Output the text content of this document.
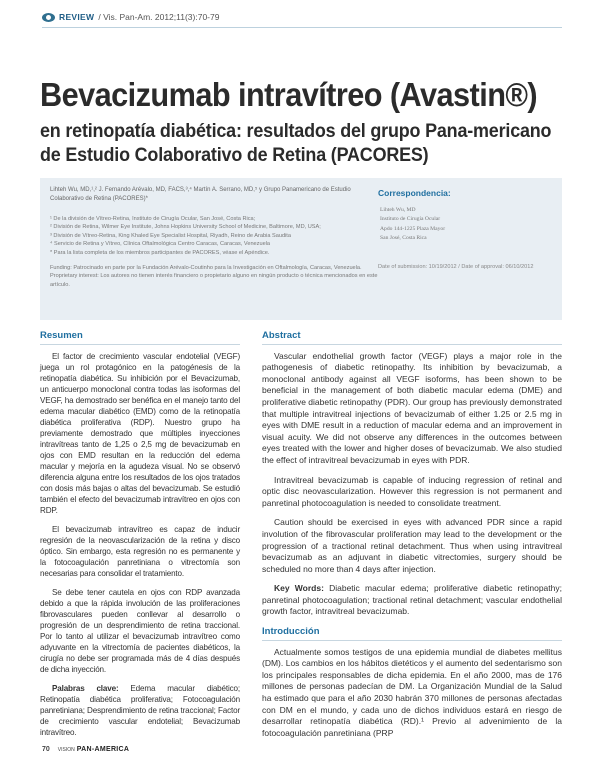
REVIEW / Vis. Pan-Am. 2012;11(3):70-79
Bevacizumab intravítreo (Avastin®)
en retinopatía diabética: resultados del grupo Pana-mericano de Estudio Colaborativo de Retina (PACORES)
Lihteh Wu, MD,¹,² J. Fernando Arévalo, MD, FACS,³,⁴ Martín A. Serrano, MD,⁵ y Grupo Panamericano de Estudio Colaborativo de Retina (PACORES)*
¹ De la división de Vítreo-Retina, Instituto de Cirugía Ocular, San José, Costa Rica;
² División de Retina, Wilmer Eye Institute, Johns Hopkins University School of Medicine, Baltimore, MD, USA;
³ División de Vítreo-Retina, King Khaled Eye Specialist Hospital, Riyadh, Reino de Arabia Saudita
⁴ Servicio de Retina y Vítreo, Clínica Oftalmológica Centro Caracas, Caracas, Venezuela
* Para la lista completa de los miembros participantes de PACORES, véase el Apéndice.
Funding: Patrocinado en parte por la Fundación Arévalo-Coutinho para la Investigación en Oftalmología, Caracas, Venezuela.
Proprietary interest: Los autores no tienen interés financiero o propietario alguno en ningún producto o técnica mencionados en este artículo.
Correspondencia:
Lihteh Wu, MD
Instituto de Cirugía Ocular
Apdo 144-1225 Plaza Mayor
San José, Costa Rica
Date of submission: 10/19/2012 / Date of approval: 06/10/2012
Resumen

El factor de crecimiento vascular endotelial (VEGF) juega un rol protagónico en la patogénesis de la retinopatía diabética. Su inhibición por el Bevacizumab, un anticuerpo monoclonal contra todas las isoformas del VEGF, ha demostrado ser benéfica en el manejo tanto del edema macular diabético (EMD) como de la retinopatía diabética proliferativa (RDP). Nuestro grupo ha previamente demostrado que múltiples inyecciones intravítreas tanto de 1,25 o 2,5 mg de bevacizumab en ojos con EMD resultan en la reducción del edema macular y mejoría en la agudeza visual. No se observó diferencia alguna entre los resultados de los ojos tratados con dosis más bajas o altas del bevacizumab. Se estudió también el efecto del bevacizumab intravítreo en ojos con RDP.

El bevacizumab intravítreo es capaz de inducir regresión de la neovascularización de la retina y disco óptico. Sin embargo, esta regresión no es permanente y la fotocoagulación panretiniana o vitrectomía son necesarias para consolidar el tratamiento.

Se debe tener cautela en ojos con RDP avanzada debido a que la rápida involución de las proliferaciones fibrovasculares pueden conllevar al desarrollo o progresión de un desprendimiento de retina traccional. Por lo tanto al utilizar el bevacizumab intravítreo como adyuvante en la vitrectomía de pacientes diabéticos, la cirugía no debe ser programada más de 4 días después de dicha inyección.

Palabras clave: Edema macular diabético; Retinopatía diabética proliferativa; Fotocoagulación panretiniana; Desprendimiento de retina traccional; Factor de crecimiento vascular endotelial; Bevacizumab intravítreo.

Abstract

Vascular endothelial growth factor (VEGF) plays a major role in the pathogenesis of diabetic retinopathy. Its inhibition by bevacizumab, a monoclonal antibody against all VEGF isoforms, has been shown to be beneficial in the management of both diabetic macular edema (DME) and proliferative diabetic retinopathy (PDR). Our group has previously demonstrated that multiple intravitreal injections of bevacizumab of either 1.25 or 2.5 mg in eyes with DME result in a reduction of macular edema and an improvement in visual acuity. We did not observe any differences in the outcomes between eyes treated with the lower and higher doses of bevacizumab. We also studied the effect of intravitreal bevacizumab in eyes with PDR.

Intravitreal bevacizumab is capable of inducing regression of retinal and optic disc neovascularization. However this regression is not permanent and panretinal photocoagulation is needed to consolidate treatment.

Caution should be exercised in eyes with advanced PDR since a rapid involution of the fibrovascular proliferation may lead to the development or the progression of a tractional retinal detachment. Thus when using intravitreal bevacizumab as an adjuvant in diabetic vitrectomies, surgery should be scheduled no more than 4 days after injection.

Key Words: Diabetic macular edema; proliferative diabetic retinopathy; panretinal photocoagulation; tractional retinal detachment; vascular endothelial growth factor, intravitreal bevacizumab.

Introducción

Actualmente somos testigos de una epidemia mundial de diabetes mellitus (DM). Los cambios en los hábitos dietéticos y el aumento del sedentarismo son los principales responsables de dicha epidemia. En el año 2000, mas de 176 millones de personas padecían de DM. La Organización Mundial de la Salud ha estimado que para el año 2030 habrán 370 millones de personas afectadas con DM en el mundo, y cada uno de dichos individuos estará en riesgo de desarrollar retinopatía diabética (RD).¹ Previo al advenimiento de la fotocoagulación panretiniana (PRP

70 VISION PAN-AMERICA
